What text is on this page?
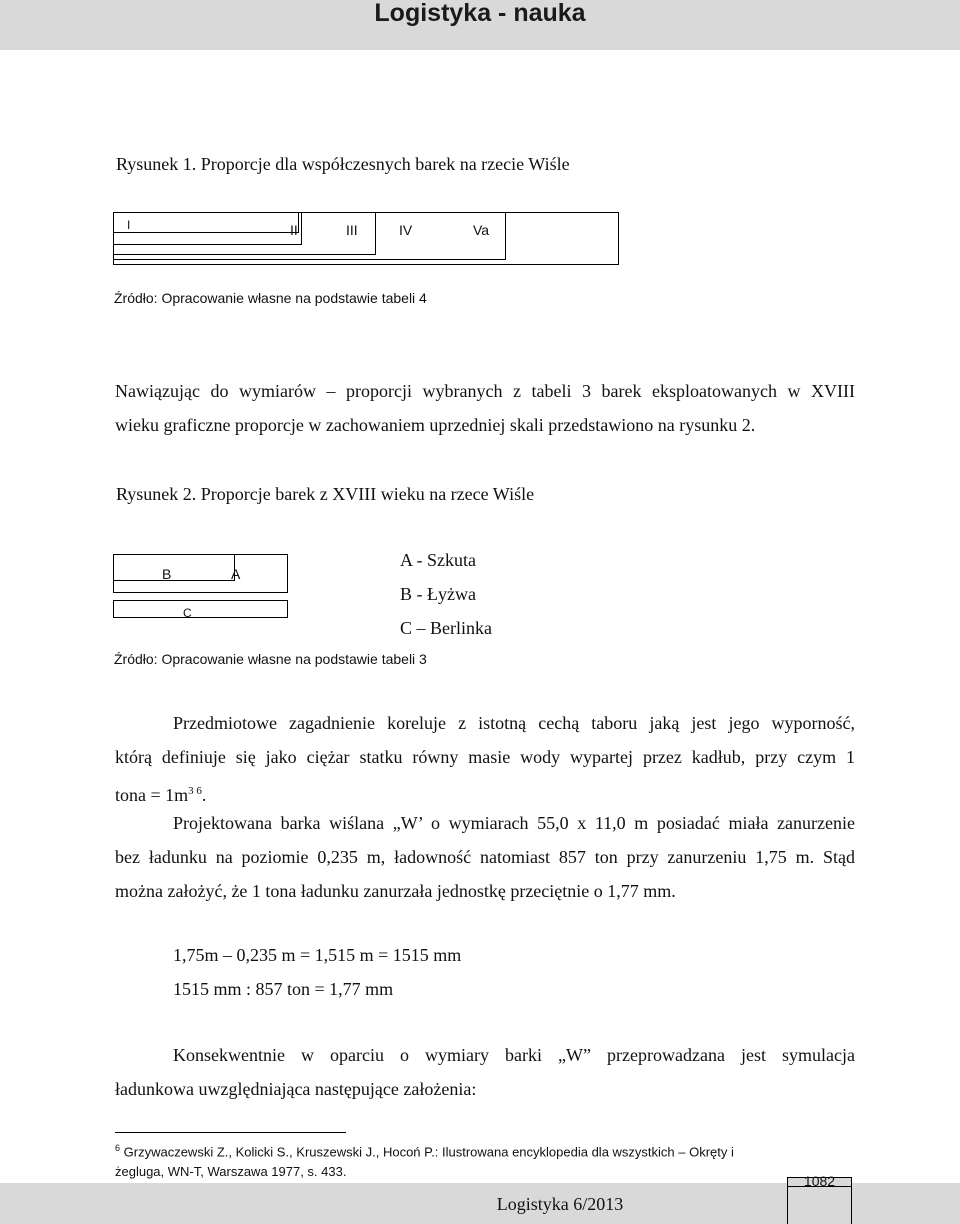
Logistyka - nauka
Rysunek 1. Proporcje dla współczesnych barek na rzecie Wiśle
I	II	III	IV	Va
Źródło: Opracowanie własne na podstawie tabeli 4
Nawiązując do wymiarów – proporcji wybranych z tabeli 3 barek eksploatowanych w XVIII
wieku graficzne proporcje w zachowaniem uprzedniej skali przedstawiono na rysunku 2.
Rysunek 2. Proporcje barek z XVIII wieku na rzece Wiśle
B	A
C
A - Szkuta
B - Łyżwa
C – Berlinka
Źródło: Opracowanie własne na podstawie tabeli 3
Przedmiotowe zagadnienie koreluje z istotną cechą taboru jaką jest jego wyporność,
którą definiuje się jako ciężar statku równy masie wody wypartej przez kadłub, przy czym 1
tona = $1m^{3 6}$.
Projektowana barka wiślana „W’ o wymiarach 55,0 x 11,0 m posiadać miała zanurzenie
bez ładunku na poziomie 0,235 m, ładowność natomiast 857 ton przy zanurzeniu 1,75 m. Stąd
można założyć, że 1 tona ładunku zanurzała jednostkę przeciętnie o 1,77 mm.
1,75m – 0,235 m = 1,515 m = 1515 mm
1515 mm : 857 ton = 1,77 mm
Konsekwentnie w oparciu o wymiary barki „W” przeprowadzana jest symulacja
ładunkowa uwzględniająca następujące założenia:
$^6$ Grzywaczewski Z., Kolicki S., Kruszewski J., Hocoń P.: Ilustrowana encyklopedia dla wszystkich – Okręty i
żegluga, WN-T, Warszawa 1977, s. 433.
1082
Logistyka 6/2013
